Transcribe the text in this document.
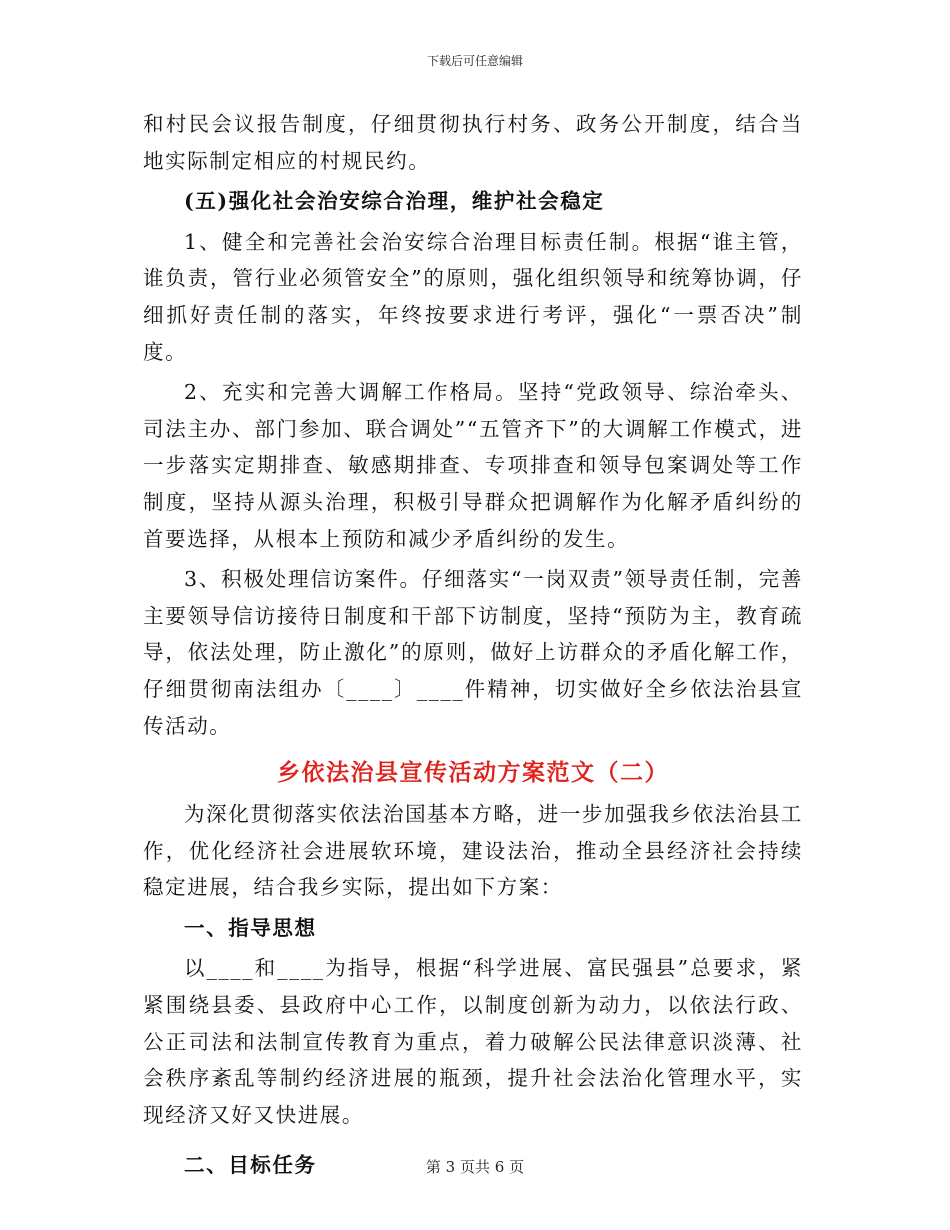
下载后可任意编辑

和村民会议报告制度，仔细贯彻执行村务、政务公开制度，结合当地实际制定相应的村规民约。

(五)强化社会治安综合治理，维护社会稳定

1、健全和完善社会治安综合治理目标责任制。根据“谁主管，谁负责，管行业必须管安全”的原则，强化组织领导和统筹协调，仔细抓好责任制的落实，年终按要求进行考评，强化“一票否决”制度。

2、充实和完善大调解工作格局。坚持“党政领导、综治牵头、司法主办、部门参加、联合调处”“五管齐下”的大调解工作模式，进一步落实定期排查、敏感期排查、专项排查和领导包案调处等工作制度，坚持从源头治理，积极引导群众把调解作为化解矛盾纠纷的首要选择，从根本上预防和减少矛盾纠纷的发生。

3、积极处理信访案件。仔细落实“一岗双责”领导责任制，完善主要领导信访接待日制度和干部下访制度，坚持“预防为主，教育疏导，依法处理，防止激化”的原则，做好上访群众的矛盾化解工作，仔细贯彻南法组办〔____〕____件精神，切实做好全乡依法治县宣传活动。

乡依法治县宣传活动方案范文（二）

为深化贯彻落实依法治国基本方略，进一步加强我乡依法治县工作，优化经济社会进展软环境，建设法治，推动全县经济社会持续稳定进展，结合我乡实际，提出如下方案：

一、指导思想

以____和____为指导，根据“科学进展、富民强县”总要求，紧紧围绕县委、县政府中心工作，以制度创新为动力，以依法行政、公正司法和法制宣传教育为重点，着力破解公民法律意识淡薄、社会秩序紊乱等制约经济进展的瓶颈，提升社会法治化管理水平，实现经济又好又快进展。

二、目标任务	第 3 页共 6 页
